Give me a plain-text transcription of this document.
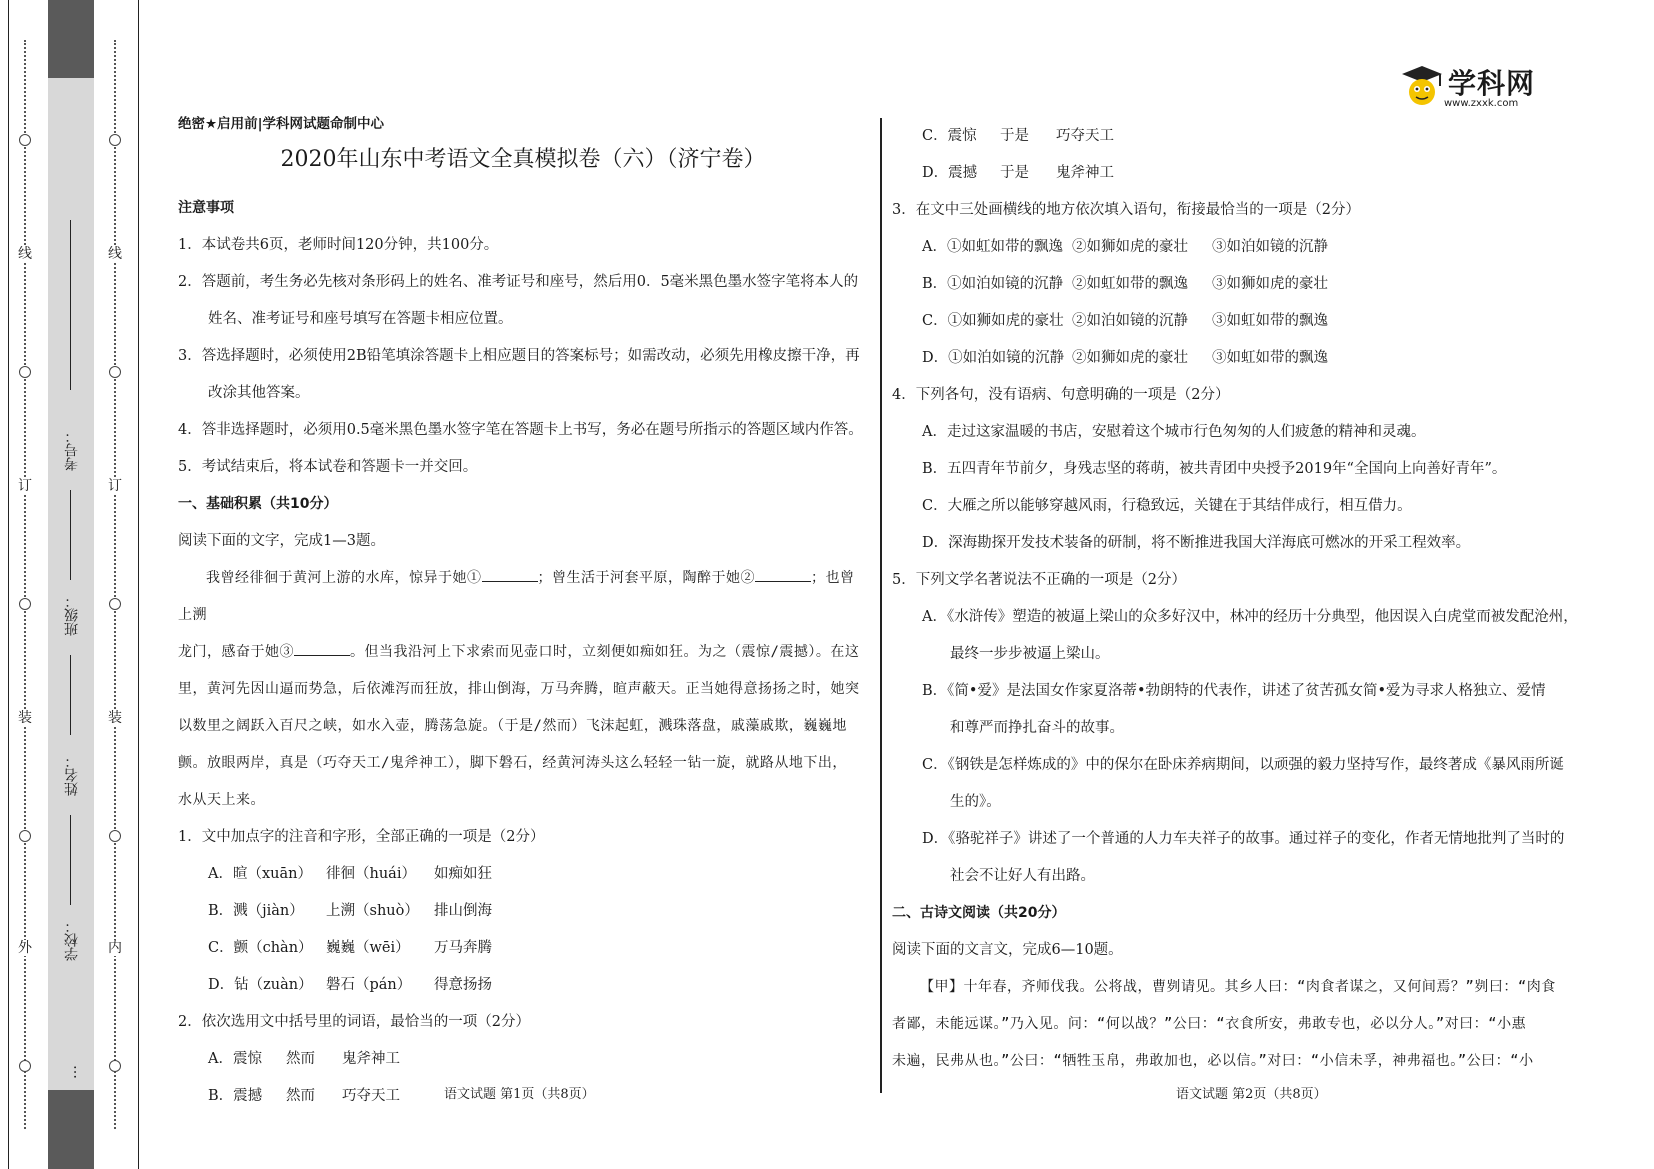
线
订
装
外
考号：
班级：
姓名：
学校：
…
线
订
装
内
学科网
www.zxxk.com
绝密★启用前|学科网试题命制中心
2020年山东中考语文全真模拟卷（六）（济宁卷）
注意事项
1．本试卷共6页，老师时间120分钟，共100分。
2．答题前，考生务必先核对条形码上的姓名、准考证号和座号，然后用0．5毫米黑色墨水签字笔将本人的
姓名、准考证号和座号填写在答题卡相应位置。
3．答选择题时，必须使用2B铅笔填涂答题卡上相应题目的答案标号；如需改动，必须先用橡皮擦干净，再
改涂其他答案。
4．答非选择题时，必须用0.5毫米黑色墨水签字笔在答题卡上书写，务必在题号所指示的答题区域内作答。
5．考试结束后，将本试卷和答题卡一并交回。
一、基础积累（共10分）
阅读下面的文字，完成1—3题。
我曾经徘徊于黄河上游的水库，惊异于她①	；曾生活于河套平原，陶醉于她②	；也曾上溯
龙门，感奋于她③	。但当我沿河上下求索而见壶口时，立刻便如痴如狂。为之（震惊/震撼）。在这
里，黄河先因山逼而势急，后依滩泻而狂放，排山倒海，万马奔腾，暄声蔽天。正当她得意扬扬之时，她突
以数里之阔跃入百尺之峡，如水入壶，腾荡急旋。（于是/然而）飞沫起虹，溅珠落盘，戚藻戚欺，巍巍地
颤。放眼两岸，真是（巧夺天工/鬼斧神工），脚下磐石，经黄河涛头这么轻轻一钻一旋，就路从地下出，
水从天上来。
1．文中加点字的注音和字形，全部正确的一项是（2分）
A．暄（xuān） 徘徊（huái） 如痴如狂
B．溅（jiàn） 上溯（shuò） 排山倒海
C．颤（chàn） 巍巍（wēi） 万马奔腾
D．钻（zuàn） 磐石（pán） 得意扬扬
2．依次选用文中括号里的词语，最恰当的一项（2分）
A．震惊 然而 鬼斧神工
B．震撼 然而 巧夺天工
C．震惊 于是 巧夺天工
D．震撼 于是 鬼斧神工
3．在文中三处画横线的地方依次填入语句，衔接最恰当的一项是（2分）
A．①如虹如带的飘逸 ②如狮如虎的豪壮 ③如泊如镜的沉静
B．①如泊如镜的沉静 ②如虹如带的飘逸 ③如狮如虎的豪壮
C．①如狮如虎的豪壮 ②如泊如镜的沉静 ③如虹如带的飘逸
D．①如泊如镜的沉静 ②如狮如虎的豪壮 ③如虹如带的飘逸
4．下列各句，没有语病、句意明确的一项是（2分）
A．走过这家温暖的书店，安慰着这个城市行色匆匆的人们疲惫的精神和灵魂。
B．五四青年节前夕，身残志坚的蒋萌，被共青团中央授予2019年“全国向上向善好青年”。
C．大雁之所以能够穿越风雨，行稳致远，关键在于其结伴成行，相互借力。
D．深海勘探开发技术装备的研制，将不断推进我国大洋海底可燃冰的开采工程效率。
5．下列文学名著说法不正确的一项是（2分）
A．《水浒传》塑造的被逼上梁山的众多好汉中，林冲的经历十分典型，他因误入白虎堂而被发配沧州，
最终一步步被逼上梁山。
B．《简•爱》是法国女作家夏洛蒂•勃朗特的代表作，讲述了贫苦孤女简•爱为寻求人格独立、爱情
和尊严而挣扎奋斗的故事。
C．《钢铁是怎样炼成的》中的保尔在卧床养病期间，以顽强的毅力坚持写作，最终著成《暴风雨所诞
生的》。
D．《骆驼祥子》讲述了一个普通的人力车夫祥子的故事。通过祥子的变化，作者无情地批判了当时的
社会不让好人有出路。
二、古诗文阅读（共20分）
阅读下面的文言文，完成6—10题。
【甲】十年春，齐师伐我。公将战，曹刿请见。其乡人曰：“肉食者谋之，又何间焉？”刿曰：“肉食
者鄙，未能远谋。”乃入见。问：“何以战？”公曰：“衣食所安，弗敢专也，必以分人。”对曰：“小惠
未遍，民弗从也。”公曰：“牺牲玉帛，弗敢加也，必以信。”对曰：“小信未孚，神弗福也。”公曰：“小
语文试题 第1页（共8页）	语文试题 第2页（共8页）
